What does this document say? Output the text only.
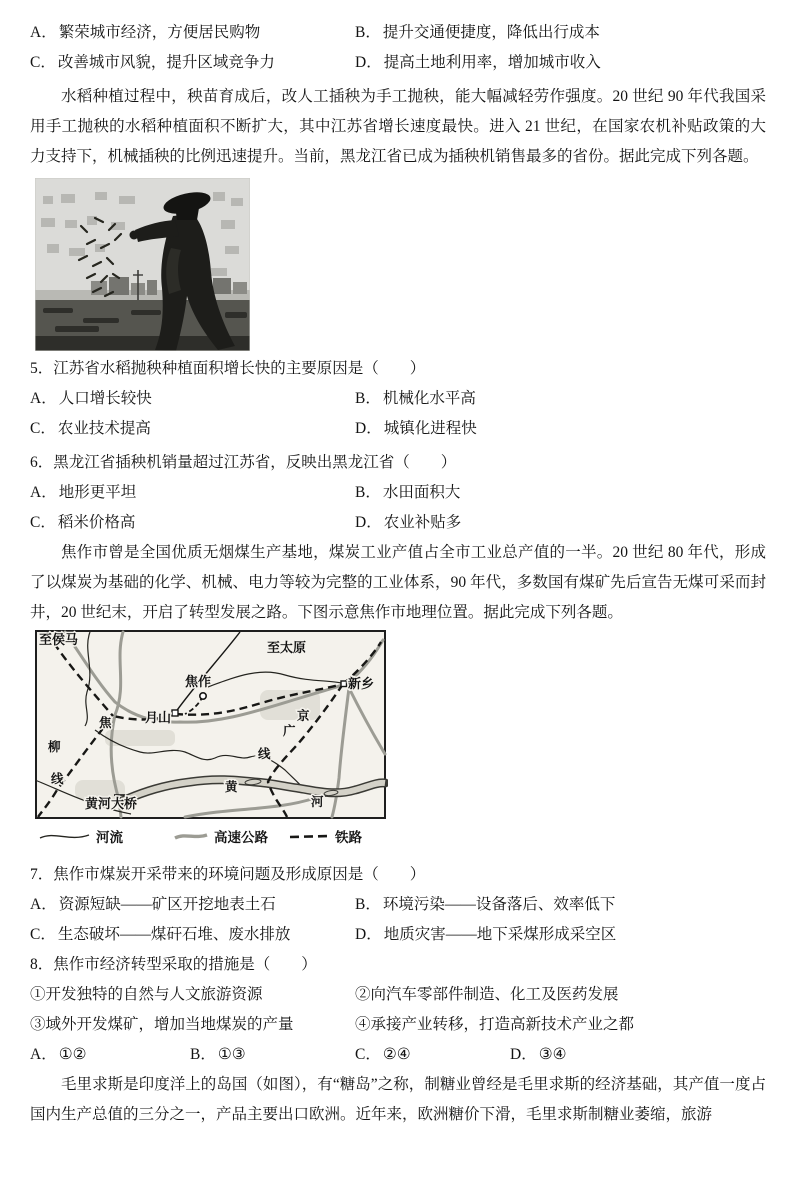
A． 繁荣城市经济，方便居民购物	B． 提升交通便捷度，降低出行成本
C． 改善城市风貌，提升区域竞争力	D． 提高土地利用率，增加城市收入
水稻种植过程中，秧苗育成后，改人工插秧为手工抛秧，能大幅减轻劳作强度。20 世纪 90 年代我国采用手工抛秧的水稻种植面积不断扩大，其中江苏省增长速度最快。进入 21 世纪，在国家农机补贴政策的大力支持下，机械插秧的比例迅速提升。当前，黑龙江省已成为插秧机销售最多的省份。据此完成下列各题。
5．江苏省水稻抛秧种植面积增长快的主要原因是（　　）
A． 人口增长较快	B． 机械化水平高
C． 农业技术提高	D． 城镇化进程快
6．黑龙江省插秧机销量超过江苏省，反映出黑龙江省（　　）
A． 地形更平坦	B． 水田面积大
C． 稻米价格高	D． 农业补贴多
焦作市曾是全国优质无烟煤生产基地，煤炭工业产值占全市工业总产值的一半。20 世纪 80 年代，形成了以煤炭为基础的化学、机械、电力等较为完整的工业体系，90 年代，多数国有煤矿先后宣告无煤可采而封井，20 世纪末，开启了转型发展之路。下图示意焦作市地理位置。据此完成下列各题。
至侯马
至太原
焦作
月山
新乡
京
广
线
焦
柳
线
黄
河
黄河大桥
河流	高速公路	铁路
7．焦作市煤炭开采带来的环境问题及形成原因是（　　）
A． 资源短缺——矿区开挖地表土石	B． 环境污染——设备落后、效率低下
C． 生态破坏——煤矸石堆、废水排放	D． 地质灾害——地下采煤形成采空区
8．焦作市经济转型采取的措施是（　　）
①开发独特的自然与人文旅游资源	②向汽车零部件制造、化工及医药发展
③域外开发煤矿，增加当地煤炭的产量	④承接产业转移，打造高新技术产业之都
A． ①②	B． ①③	C． ②④	D． ③④
毛里求斯是印度洋上的岛国（如图），有“糖岛”之称，制糖业曾经是毛里求斯的经济基础，其产值一度占国内生产总值的三分之一，产品主要出口欧洲。近年来，欧洲糖价下滑，毛里求斯制糖业萎缩，旅游
